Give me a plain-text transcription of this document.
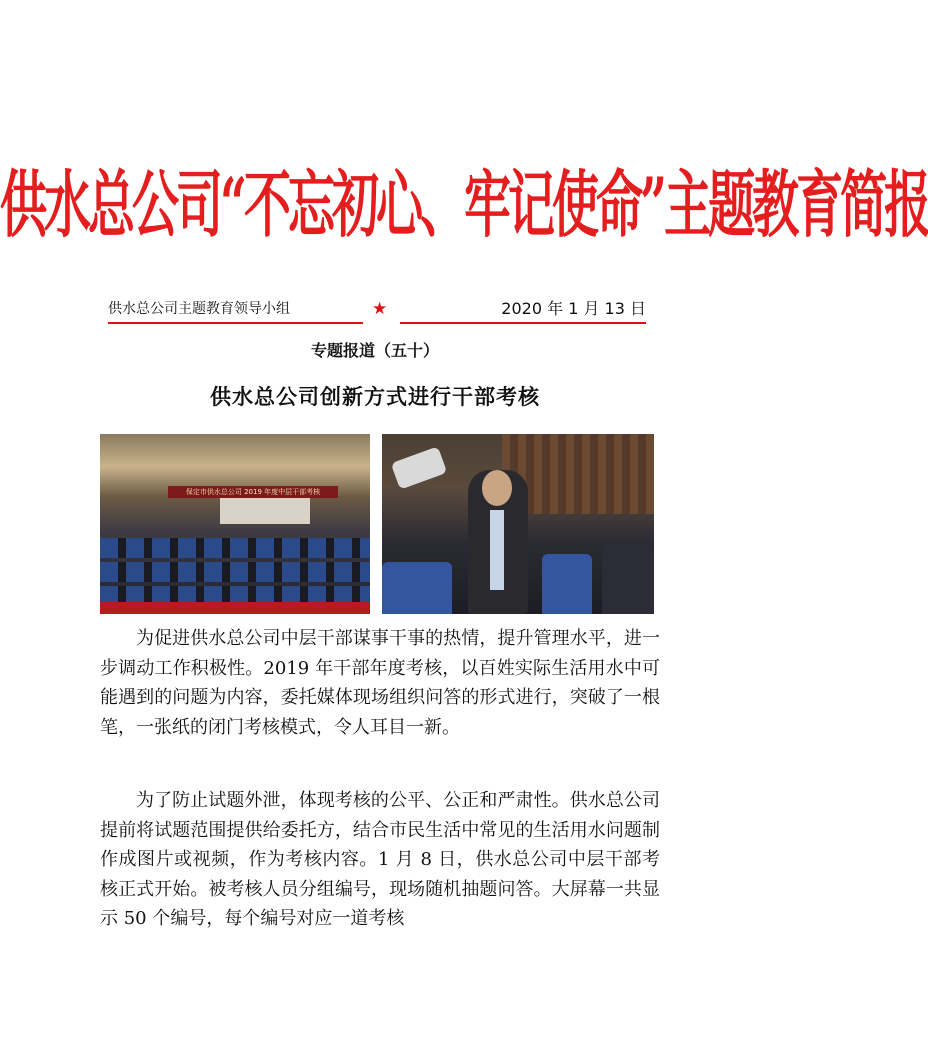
供水总公司“不忘初心、牢记使命”主题教育简报
供水总公司主题教育领导小组	★	2020 年 1 月 13 日
专题报道（五十）
供水总公司创新方式进行干部考核
保定市供水总公司 2019 年度中层干部考核

为促进供水总公司中层干部谋事干事的热情，提升管理水平，进一步调动工作积极性。2019 年干部年度考核，以百姓实际生活用水中可能遇到的问题为内容，委托媒体现场组织问答的形式进行，突破了一根笔，一张纸的闭门考核模式，令人耳目一新。

为了防止试题外泄，体现考核的公平、公正和严肃性。供水总公司提前将试题范围提供给委托方，结合市民生活中常见的生活用水问题制作成图片或视频，作为考核内容。1 月 8 日，供水总公司中层干部考核正式开始。被考核人员分组编号，现场随机抽题问答。大屏幕一共显示 50 个编号，每个编号对应一道考核
